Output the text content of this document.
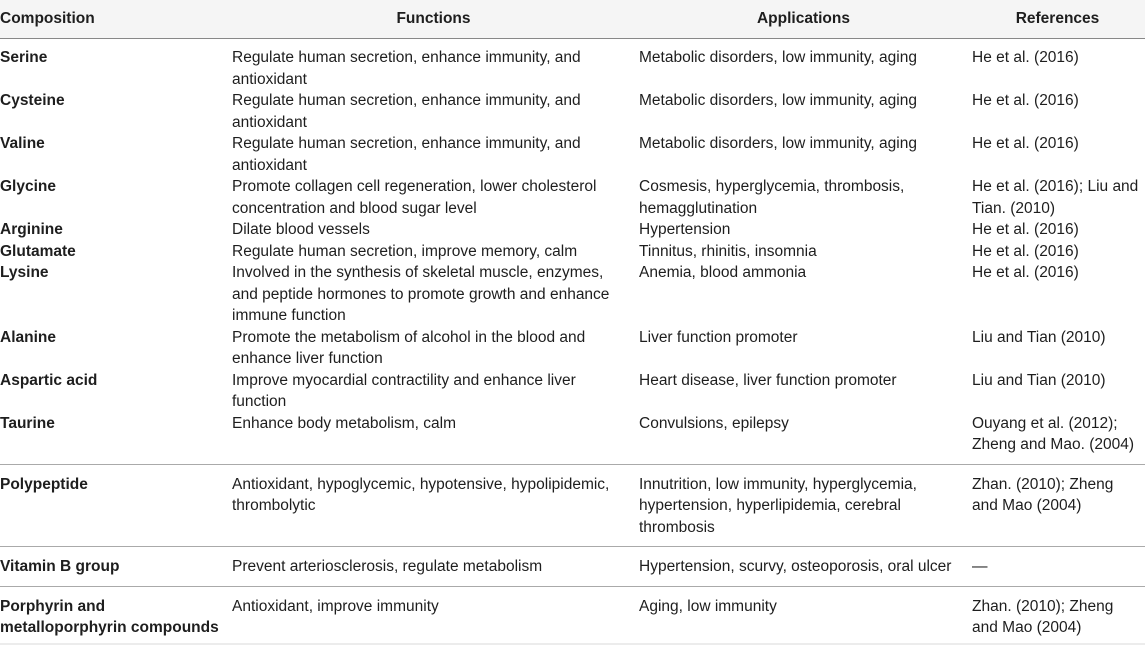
Composition	Functions	Applications	References
Serine	Regulate human secretion, enhance immunity, and antioxidant	Metabolic disorders, low immunity, aging	He et al. (2016)
Cysteine	Regulate human secretion, enhance immunity, and antioxidant	Metabolic disorders, low immunity, aging	He et al. (2016)
Valine	Regulate human secretion, enhance immunity, and antioxidant	Metabolic disorders, low immunity, aging	He et al. (2016)
Glycine	Promote collagen cell regeneration, lower cholesterol concentration and blood sugar level	Cosmesis, hyperglycemia, thrombosis, hemagglutination	He et al. (2016); Liu and Tian. (2010)
Arginine	Dilate blood vessels	Hypertension	He et al. (2016)
Glutamate	Regulate human secretion, improve memory, calm	Tinnitus, rhinitis, insomnia	He et al. (2016)
Lysine	Involved in the synthesis of skeletal muscle, enzymes, and peptide hormones to promote growth and enhance immune function	Anemia, blood ammonia	He et al. (2016)
Alanine	Promote the metabolism of alcohol in the blood and enhance liver function	Liver function promoter	Liu and Tian (2010)
Aspartic acid	Improve myocardial contractility and enhance liver function	Heart disease, liver function promoter	Liu and Tian (2010)
Taurine	Enhance body metabolism, calm	Convulsions, epilepsy	Ouyang et al. (2012); Zheng and Mao. (2004)
Polypeptide	Antioxidant, hypoglycemic, hypotensive, hypolipidemic, thrombolytic	Innutrition, low immunity, hyperglycemia, hypertension, hyperlipidemia, cerebral thrombosis	Zhan. (2010); Zheng and Mao (2004)
Vitamin B group	Prevent arteriosclerosis, regulate metabolism	Hypertension, scurvy, osteoporosis, oral ulcer	—
Porphyrin and metalloporphyrin compounds	Antioxidant, improve immunity	Aging, low immunity	Zhan. (2010); Zheng and Mao (2004)
